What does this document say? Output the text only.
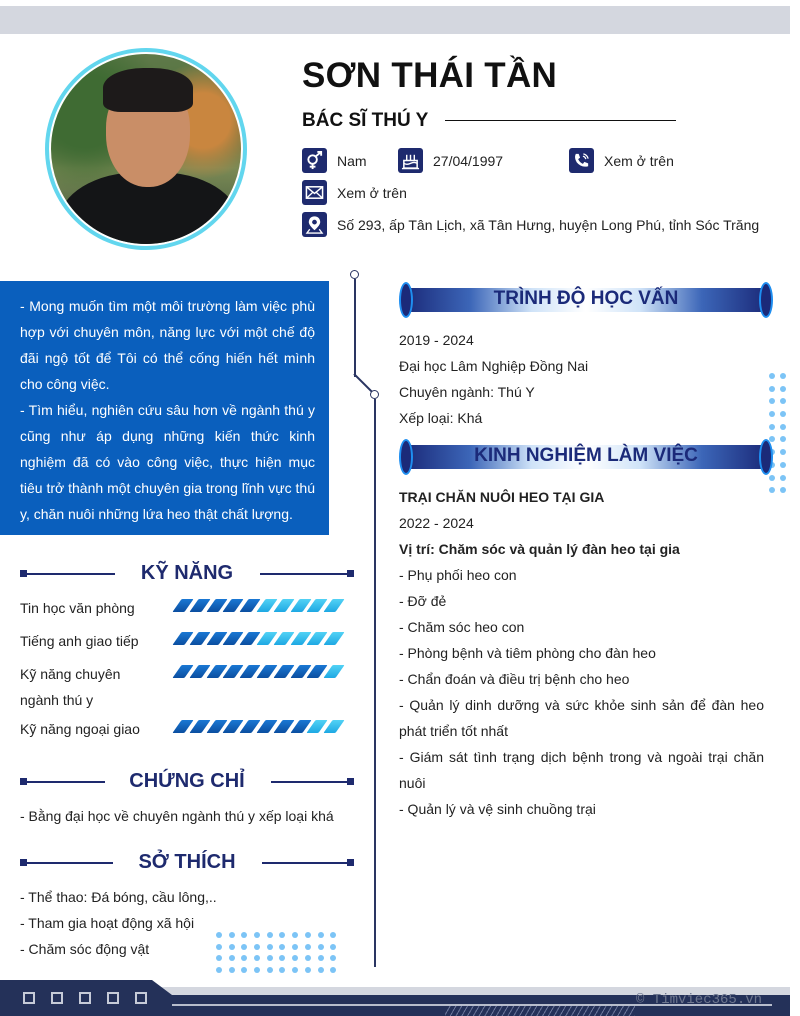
SƠN THÁI TẦN
BÁC SĨ THÚ Y
Nam	27/04/1997	Xem ở trên
Xem ở trên
Số 293, ấp Tân Lịch, xã Tân Hưng, huyện Long Phú, tỉnh Sóc Trăng

- Mong muốn tìm một môi trường làm việc phù hợp với chuyên môn, năng lực với một chế độ đãi ngộ tốt để Tôi có thể cống hiến hết mình cho công việc.

- Tìm hiểu, nghiên cứu sâu hơn về ngành thú y cũng như áp dụng những kiến thức kinh nghiệm đã có vào công việc, thực hiện mục tiêu trở thành một chuyên gia trong lĩnh vực thú y, chăn nuôi những lứa heo thật chất lượng.

KỸ NĂNG
Tin học văn phòng
Tiếng anh giao tiếp
Kỹ năng chuyên ngành thú y
Kỹ năng ngoại giao
CHỨNG CHỈ
- Bằng đại học về chuyên ngành thú y xếp loại khá
SỞ THÍCH
- Thể thao: Đá bóng, cầu lông,..
- Tham gia hoạt động xã hội
- Chăm sóc động vật
TRÌNH ĐỘ HỌC VẤN
2019 - 2024
Đại học Lâm Nghiệp Đồng Nai
Chuyên ngành: Thú Y
Xếp loại: Khá
KINH NGHIỆM LÀM VIỆC
TRẠI CHĂN NUÔI HEO TẠI GIA
2022 - 2024
Vị trí: Chăm sóc và quản lý đàn heo tại gia
- Phụ phối heo con
- Đỡ đẻ
- Chăm sóc heo con
- Phòng bệnh và tiêm phòng cho đàn heo
- Chẩn đoán và điều trị bệnh cho heo
- Quản lý dinh dưỡng và sức khỏe sinh sản để đàn heo phát triển tốt nhất
- Giám sát tình trạng dịch bệnh trong và ngoài trại chăn nuôi
- Quản lý và vệ sinh chuồng trại
© Timviec365.vn
